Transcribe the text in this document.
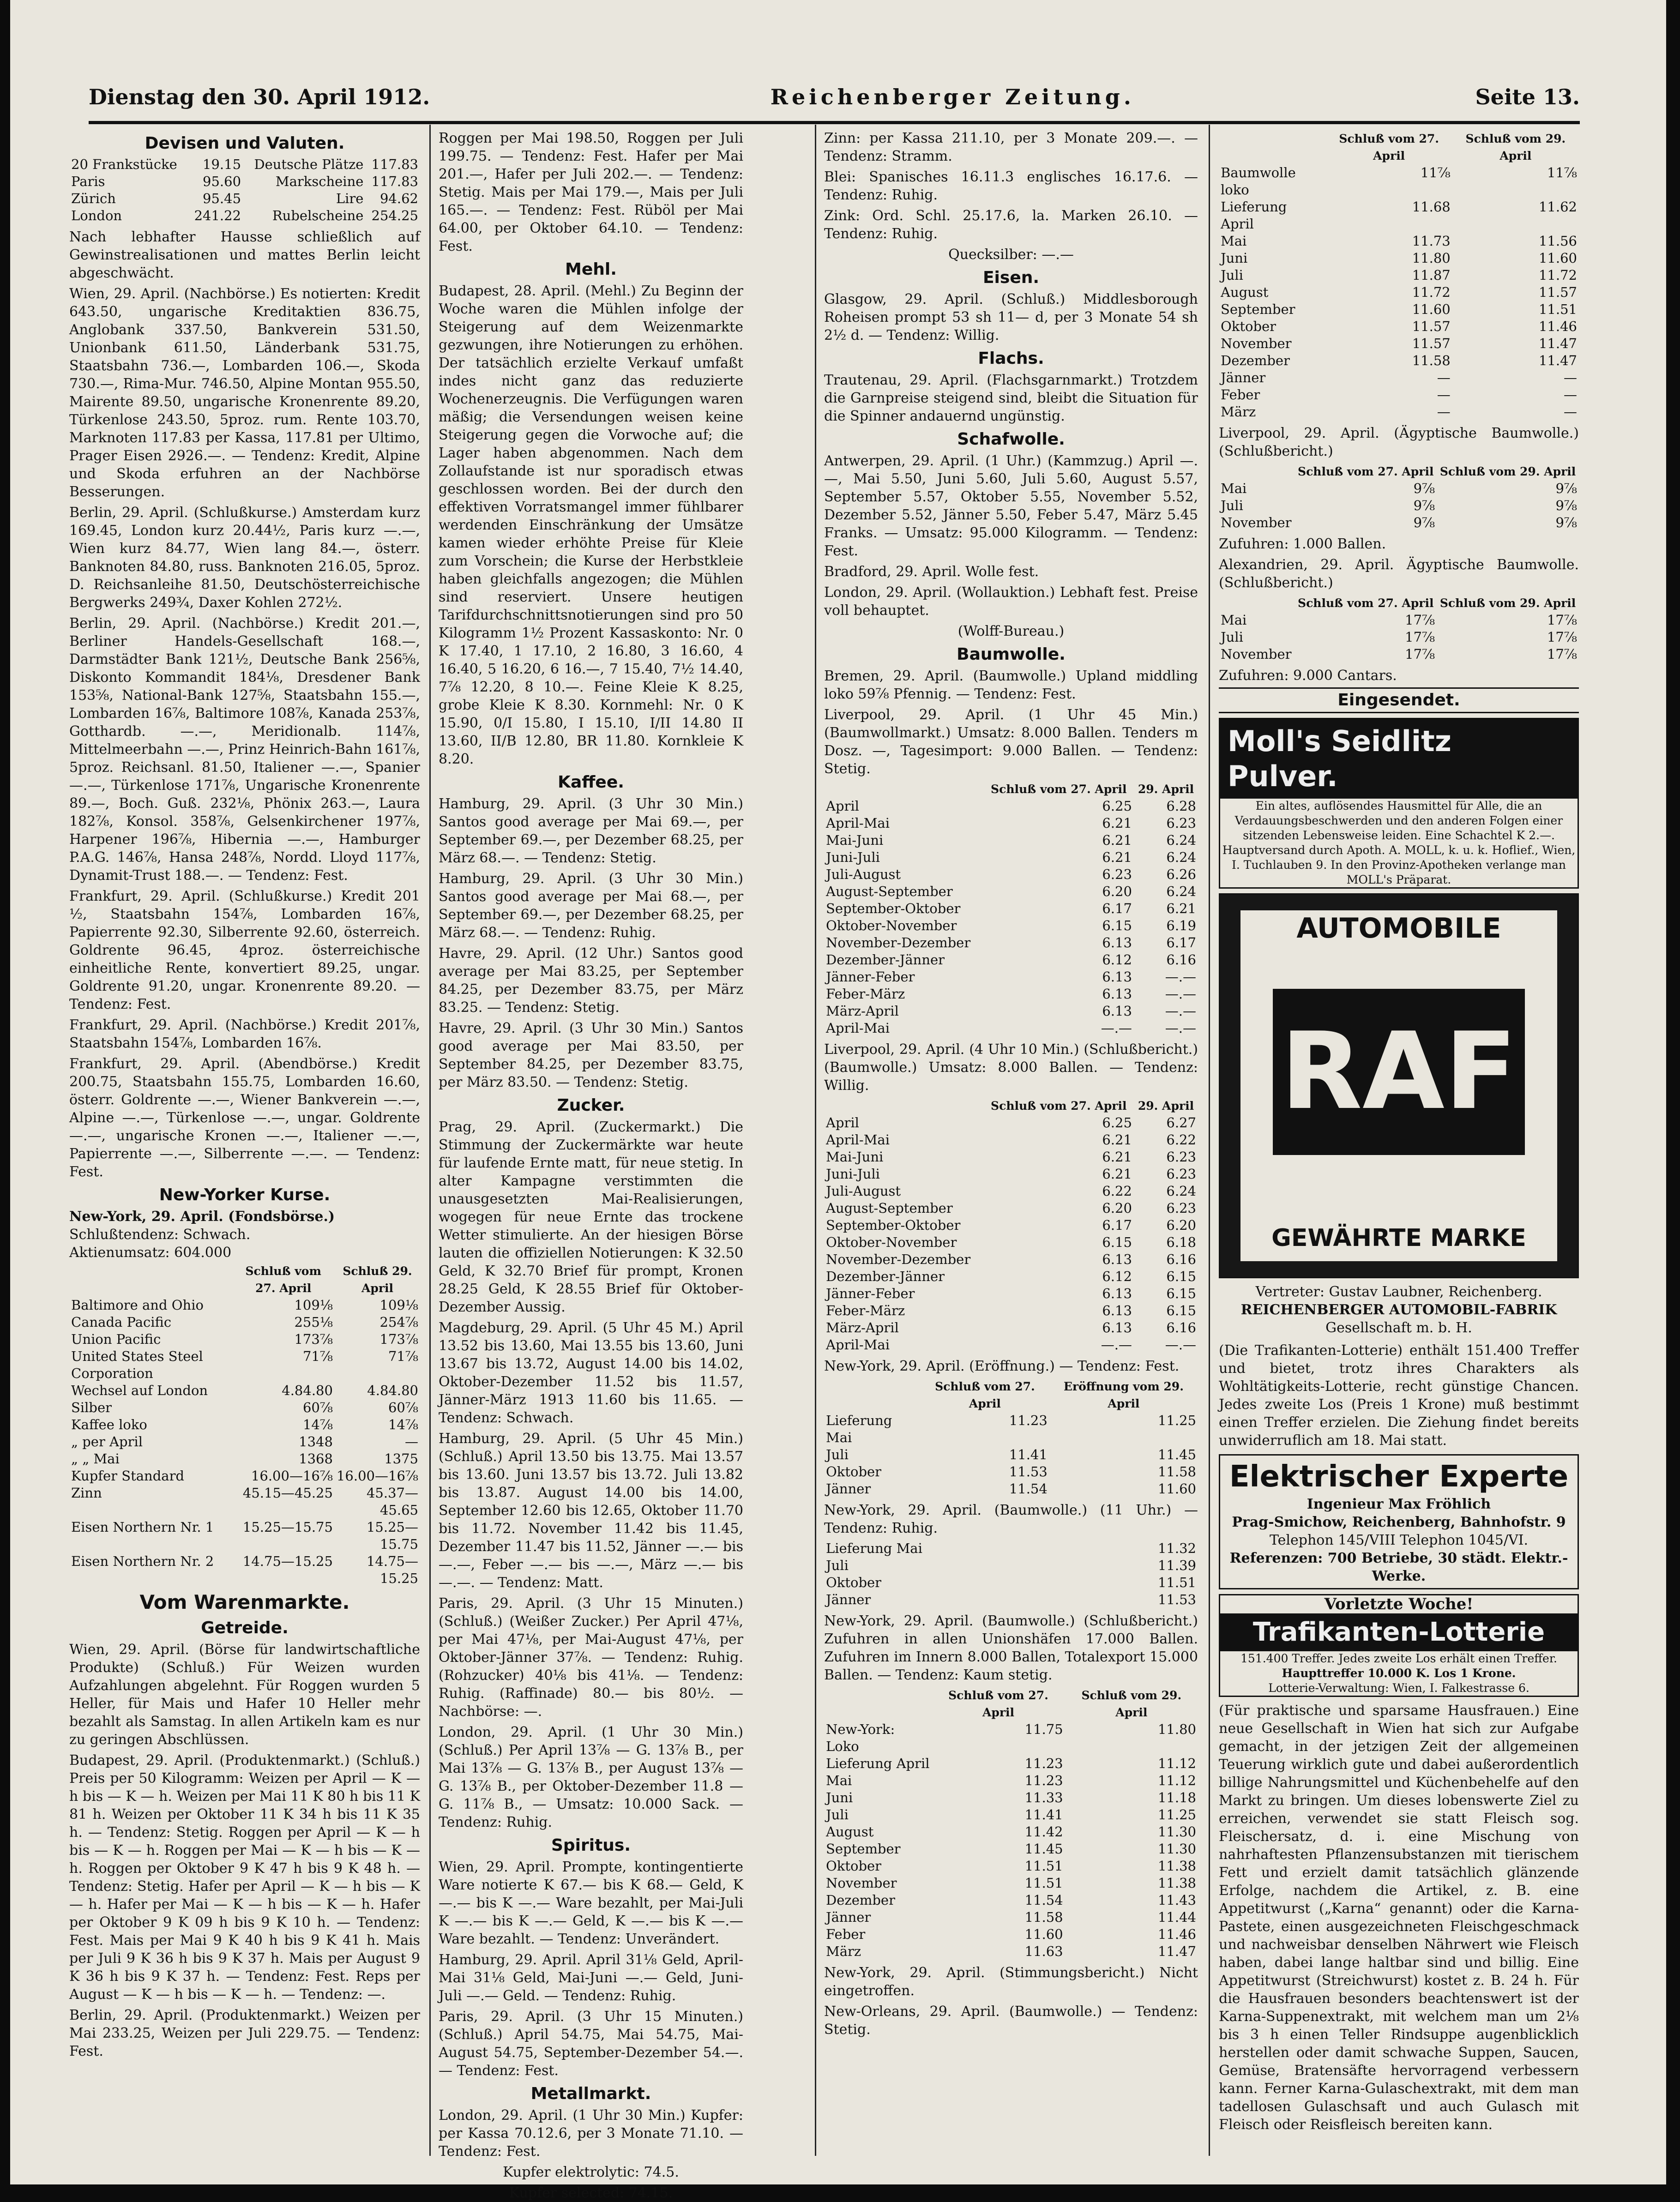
Dienstag den 30. April 1912.	Reichenberger Zeitung.	Seite 13.
Devisen und Valuten.
20 Frankstücke	19.15	Deutsche Plätze	117.83
Paris	95.60	Markscheine	117.83
Zürich	95.45	Lire	94.62
London	241.22	Rubelscheine	254.25

Nach lebhafter Hausse schließlich auf Gewinstrealisationen und mattes Berlin leicht abgeschwächt.

Wien, 29. April. (Nachbörse.) Es notierten: Kredit 643.50, ungarische Kreditaktien 836.75, Anglobank 337.50, Bankverein 531.50, Unionbank 611.50, Länderbank 531.75, Staatsbahn 736.—, Lombarden 106.—, Skoda 730.—, Rima-Mur. 746.50, Alpine Montan 955.50, Mairente 89.50, ungarische Kronenrente 89.20, Türkenlose 243.50, 5proz. rum. Rente 103.70, Marknoten 117.83 per Kassa, 117.81 per Ultimo, Prager Eisen 2926.—. — Tendenz: Kredit, Alpine und Skoda erfuhren an der Nachbörse Besserungen.

Berlin, 29. April. (Schlußkurse.) Amsterdam kurz 169.45, London kurz 20.44½, Paris kurz —.—, Wien kurz 84.77, Wien lang 84.—, österr. Banknoten 84.80, russ. Banknoten 216.05, 5proz. D. Reichsanleihe 81.50, Deutschösterreichische Bergwerks 249¾, Daxer Kohlen 272½.

Berlin, 29. April. (Nachbörse.) Kredit 201.—, Berliner Handels-Gesellschaft 168.—, Darmstädter Bank 121½, Deutsche Bank 256⅝, Diskonto Kommandit 184⅛, Dresdener Bank 153⅝, National-Bank 127⅝, Staatsbahn 155.—, Lombarden 16⅞, Baltimore 108⅞, Kanada 253⅞, Gotthardb. —.—, Meridionalb. 114⅞, Mittelmeerbahn —.—, Prinz Heinrich-Bahn 161⅞, 5proz. Reichsanl. 81.50, Italiener —.—, Spanier —.—, Türkenlose 171⅞, Ungarische Kronenrente 89.—, Boch. Guß. 232⅛, Phönix 263.—, Laura 182⅞, Konsol. 358⅞, Gelsenkirchener 197⅞, Harpener 196⅞, Hibernia —.—, Hamburger P.A.G. 146⅞, Hansa 248⅞, Nordd. Lloyd 117⅞, Dynamit-Trust 188.—. — Tendenz: Fest.

Frankfurt, 29. April. (Schlußkurse.) Kredit 201 ½, Staatsbahn 154⅞, Lombarden 16⅞, Papierrente 92.30, Silberrente 92.60, österreich. Goldrente 96.45, 4proz. österreichische einheitliche Rente, konvertiert 89.25, ungar. Goldrente 91.20, ungar. Kronenrente 89.20. — Tendenz: Fest.

Frankfurt, 29. April. (Nachbörse.) Kredit 201⅞, Staatsbahn 154⅞, Lombarden 16⅞.

Frankfurt, 29. April. (Abendbörse.) Kredit 200.75, Staatsbahn 155.75, Lombarden 16.60, österr. Goldrente —.—, Wiener Bankverein —.—, Alpine —.—, Türkenlose —.—, ungar. Goldrente —.—, ungarische Kronen —.—, Italiener —.—, Papierrente —.—, Silberrente —.—. — Tendenz: Fest.

New-Yorker Kurse.
New-York, 29. April. (Fondsbörse.)
Schlußtendenz: Schwach.
Aktienumsatz: 604.000
	Schluß vom 27. April	Schluß 29. April
Baltimore and Ohio	109⅛	109⅛
Canada Pacific	255⅛	254⅞
Union Pacific	173⅞	173⅞
United States Steel Corporation	71⅞	71⅞
Wechsel auf London	4.84.80	4.84.80
Silber	60⅞	60⅞
Kaffee loko	14⅞	14⅞
„ per April	1348	—
„ „ Mai	1368	1375
Kupfer Standard	16.00—16⅞	16.00—16⅞
Zinn	45.15—45.25	45.37—45.65
Eisen Northern Nr. 1	15.25—15.75	15.25—15.75
Eisen Northern Nr. 2	14.75—15.25	14.75—15.25
Vom Warenmarkte.
Getreide.

Wien, 29. April. (Börse für landwirtschaftliche Produkte) (Schluß.) Für Weizen wurden Aufzahlungen abgelehnt. Für Roggen wurden 5 Heller, für Mais und Hafer 10 Heller mehr bezahlt als Samstag. In allen Artikeln kam es nur zu geringen Abschlüssen.

Budapest, 29. April. (Produktenmarkt.) (Schluß.) Preis per 50 Kilogramm: Weizen per April — K — h bis — K — h. Weizen per Mai 11 K 80 h bis 11 K 81 h. Weizen per Oktober 11 K 34 h bis 11 K 35 h. — Tendenz: Stetig. Roggen per April — K — h bis — K — h. Roggen per Mai — K — h bis — K — h. Roggen per Oktober 9 K 47 h bis 9 K 48 h. — Tendenz: Stetig. Hafer per April — K — h bis — K — h. Hafer per Mai — K — h bis — K — h. Hafer per Oktober 9 K 09 h bis 9 K 10 h. — Tendenz: Fest. Mais per Mai 9 K 40 h bis 9 K 41 h. Mais per Juli 9 K 36 h bis 9 K 37 h. Mais per August 9 K 36 h bis 9 K 37 h. — Tendenz: Fest. Reps per August — K — h bis — K — h. — Tendenz: —.

Berlin, 29. April. (Produktenmarkt.) Weizen per Mai 233.25, Weizen per Juli 229.75. — Tendenz: Fest.

Roggen per Mai 198.50, Roggen per Juli 199.75. — Tendenz: Fest. Hafer per Mai 201.—, Hafer per Juli 202.—. — Tendenz: Stetig. Mais per Mai 179.—, Mais per Juli 165.—. — Tendenz: Fest. Rüböl per Mai 64.00, per Oktober 64.10. — Tendenz: Fest.

Mehl.

Budapest, 28. April. (Mehl.) Zu Beginn der Woche waren die Mühlen infolge der Steigerung auf dem Weizenmarkte gezwungen, ihre Notierungen zu erhöhen. Der tatsächlich erzielte Verkauf umfaßt indes nicht ganz das reduzierte Wochenerzeugnis. Die Verfügungen waren mäßig; die Versendungen weisen keine Steigerung gegen die Vorwoche auf; die Lager haben abgenommen. Nach dem Zollaufstande ist nur sporadisch etwas geschlossen worden. Bei der durch den effektiven Vorratsmangel immer fühlbarer werdenden Einschränkung der Umsätze kamen wieder erhöhte Preise für Kleie zum Vorschein; die Kurse der Herbstkleie haben gleichfalls angezogen; die Mühlen sind reserviert. Unsere heutigen Tarifdurchschnittsnotierungen sind pro 50 Kilogramm 1½ Prozent Kassaskonto: Nr. 0 K 17.40, 1 17.10, 2 16.80, 3 16.60, 4 16.40, 5 16.20, 6 16.—, 7 15.40, 7½ 14.40, 7⅞ 12.20, 8 10.—. Feine Kleie K 8.25, grobe Kleie K 8.30. Kornmehl: Nr. 0 K 15.90, 0/I 15.80, I 15.10, I/II 14.80 II 13.60, II/B 12.80, BR 11.80. Kornkleie K 8.20.

Kaffee.

Hamburg, 29. April. (3 Uhr 30 Min.) Santos good average per Mai 69.—, per September 69.—, per Dezember 68.25, per März 68.—. — Tendenz: Stetig.

Hamburg, 29. April. (3 Uhr 30 Min.) Santos good average per Mai 68.—, per September 69.—, per Dezember 68.25, per März 68.—. — Tendenz: Ruhig.

Havre, 29. April. (12 Uhr.) Santos good average per Mai 83.25, per September 84.25, per Dezember 83.75, per März 83.25. — Tendenz: Stetig.

Havre, 29. April. (3 Uhr 30 Min.) Santos good average per Mai 83.50, per September 84.25, per Dezember 83.75, per März 83.50. — Tendenz: Stetig.

Zucker.

Prag, 29. April. (Zuckermarkt.) Die Stimmung der Zuckermärkte war heute für laufende Ernte matt, für neue stetig. In alter Kampagne verstimmten die unausgesetzten Mai-Realisierungen, wogegen für neue Ernte das trockene Wetter stimulierte. An der hiesigen Börse lauten die offiziellen Notierungen: K 32.50 Geld, K 32.70 Brief für prompt, Kronen 28.25 Geld, K 28.55 Brief für Oktober-Dezember Aussig.

Magdeburg, 29. April. (5 Uhr 45 M.) April 13.52 bis 13.60, Mai 13.55 bis 13.60, Juni 13.67 bis 13.72, August 14.00 bis 14.02, Oktober-Dezember 11.52 bis 11.57, Jänner-März 1913 11.60 bis 11.65. — Tendenz: Schwach.

Hamburg, 29. April. (5 Uhr 45 Min.) (Schluß.) April 13.50 bis 13.75. Mai 13.57 bis 13.60. Juni 13.57 bis 13.72. Juli 13.82 bis 13.87. August 14.00 bis 14.00, September 12.60 bis 12.65, Oktober 11.70 bis 11.72. November 11.42 bis 11.45, Dezember 11.47 bis 11.52, Jänner —.— bis —.—, Feber —.— bis —.—, März —.— bis —.—. — Tendenz: Matt.

Paris, 29. April. (3 Uhr 15 Minuten.) (Schluß.) (Weißer Zucker.) Per April 47⅛, per Mai 47⅛, per Mai-August 47⅛, per Oktober-Jänner 37⅞. — Tendenz: Ruhig. (Rohzucker) 40⅛ bis 41⅛. — Tendenz: Ruhig. (Raffinade) 80.— bis 80½. — Nachbörse: —.

London, 29. April. (1 Uhr 30 Min.) (Schluß.) Per April 13⅞ — G. 13⅞ B., per Mai 13⅞ — G. 13⅞ B., per August 13⅞ — G. 13⅞ B., per Oktober-Dezember 11.8 — G. 11⅞ B., — Umsatz: 10.000 Sack. — Tendenz: Ruhig.

Spiritus.

Wien, 29. April. Prompte, kontingentierte Ware notierte K 67.— bis K 68.— Geld, K —.— bis K —.— Ware bezahlt, per Mai-Juli K —.— bis K —.— Geld, K —.— bis K —.— Ware bezahlt. — Tendenz: Unverändert.

Hamburg, 29. April. April 31⅛ Geld, April-Mai 31⅛ Geld, Mai-Juni —.— Geld, Juni-Juli —.— Geld. — Tendenz: Ruhig.

Paris, 29. April. (3 Uhr 15 Minuten.) (Schluß.) April 54.75, Mai 54.75, Mai-August 54.75, September-Dezember 54.—. — Tendenz: Fest.

Metallmarkt.

London, 29. April. (1 Uhr 30 Min.) Kupfer: per Kassa 70.12.6, per 3 Monate 71.10. — Tendenz: Fest.

Kupfer elektrolytic: 74.5.

Kupfer selected: 74.15.

Zinn: per Kassa 211.10, per 3 Monate 209.—. — Tendenz: Stramm.

Blei: Spanisches 16.11.3 englisches 16.17.6. — Tendenz: Ruhig.

Zink: Ord. Schl. 25.17.6, la. Marken 26.10. — Tendenz: Ruhig.

Quecksilber: —.—

Eisen.

Glasgow, 29. April. (Schluß.) Middlesborough Roheisen prompt 53 sh 11— d, per 3 Monate 54 sh 2½ d. — Tendenz: Willig.

Flachs.

Trautenau, 29. April. (Flachsgarnmarkt.) Trotzdem die Garnpreise steigend sind, bleibt die Situation für die Spinner andauernd ungünstig.

Schafwolle.

Antwerpen, 29. April. (1 Uhr.) (Kammzug.) April —.—, Mai 5.50, Juni 5.60, Juli 5.60, August 5.57, September 5.57, Oktober 5.55, November 5.52, Dezember 5.52, Jänner 5.50, Feber 5.47, März 5.45 Franks. — Umsatz: 95.000 Kilogramm. — Tendenz: Fest.

Bradford, 29. April. Wolle fest.

London, 29. April. (Wollauktion.) Lebhaft fest. Preise voll behauptet.

(Wolff-Bureau.)

Baumwolle.

Bremen, 29. April. (Baumwolle.) Upland middling loko 59⅞ Pfennig. — Tendenz: Fest.

Liverpool, 29. April. (1 Uhr 45 Min.) (Baumwollmarkt.) Umsatz: 8.000 Ballen. Tenders m Dosz. —, Tagesimport: 9.000 Ballen. — Tendenz: Stetig.

	Schluß vom 27. April	29. April
April	6.25	6.28
April-Mai	6.21	6.23
Mai-Juni	6.21	6.24
Juni-Juli	6.21	6.24
Juli-August	6.23	6.26
August-September	6.20	6.24
September-Oktober	6.17	6.21
Oktober-November	6.15	6.19
November-Dezember	6.13	6.17
Dezember-Jänner	6.12	6.16
Jänner-Feber	6.13	—.—
Feber-März	6.13	—.—
März-April	6.13	—.—
April-Mai	—.—	—.—

Liverpool, 29. April. (4 Uhr 10 Min.) (Schlußbericht.) (Baumwolle.) Umsatz: 8.000 Ballen. — Tendenz: Willig.

	Schluß vom 27. April	29. April
April	6.25	6.27
April-Mai	6.21	6.22
Mai-Juni	6.21	6.23
Juni-Juli	6.21	6.23
Juli-August	6.22	6.24
August-September	6.20	6.23
September-Oktober	6.17	6.20
Oktober-November	6.15	6.18
November-Dezember	6.13	6.16
Dezember-Jänner	6.12	6.15
Jänner-Feber	6.13	6.15
Feber-März	6.13	6.15
März-April	6.13	6.16
April-Mai	—.—	—.—

New-York, 29. April. (Eröffnung.) — Tendenz: Fest.

	Schluß vom 27. April	Eröffnung vom 29. April
Lieferung Mai	11.23	11.25
Juli	11.41	11.45
Oktober	11.53	11.58
Jänner	11.54	11.60

New-York, 29. April. (Baumwolle.) (11 Uhr.) — Tendenz: Ruhig.

Lieferung Mai	11.32
Juli	11.39
Oktober	11.51
Jänner	11.53

New-York, 29. April. (Baumwolle.) (Schlußbericht.) Zufuhren in allen Unionshäfen 17.000 Ballen. Zufuhren im Innern 8.000 Ballen, Totalexport 15.000 Ballen. — Tendenz: Kaum stetig.

	Schluß vom 27. April	Schluß vom 29. April
New-York: Loko	11.75	11.80
Lieferung April	11.23	11.12
Mai	11.23	11.12
Juni	11.33	11.18
Juli	11.41	11.25
August	11.42	11.30
September	11.45	11.30
Oktober	11.51	11.38
November	11.51	11.38
Dezember	11.54	11.43
Jänner	11.58	11.44
Feber	11.60	11.46
März	11.63	11.47

New-York, 29. April. (Stimmungsbericht.) Nicht eingetroffen.

New-Orleans, 29. April. (Baumwolle.) — Tendenz: Stetig.

	Schluß vom 27. April	Schluß vom 29. April
Baumwolle loko	11⅞	11⅞
Lieferung April	11.68	11.62
Mai	11.73	11.56
Juni	11.80	11.60
Juli	11.87	11.72
August	11.72	11.57
September	11.60	11.51
Oktober	11.57	11.46
November	11.57	11.47
Dezember	11.58	11.47
Jänner	—	—
Feber	—	—
März	—	—

Liverpool, 29. April. (Ägyptische Baumwolle.) (Schlußbericht.)

	Schluß vom 27. April	Schluß vom 29. April
Mai	9⅞	9⅞
Juli	9⅞	9⅞
November	9⅞	9⅞

Zufuhren: 1.000 Ballen.

Alexandrien, 29. April. Ägyptische Baumwolle. (Schlußbericht.)

	Schluß vom 27. April	Schluß vom 29. April
Mai	17⅞	17⅞
Juli	17⅞	17⅞
November	17⅞	17⅞

Zufuhren: 9.000 Cantars.

Eingesendet.
Moll's Seidlitz Pulver.
Ein altes, auflösendes Hausmittel für Alle, die an Verdauungsbeschwerden und den anderen Folgen einer sitzenden Lebensweise leiden. Eine Schachtel K 2.—. Hauptversand durch Apoth. A. MOLL, k. u. k. Hoflief., Wien, I. Tuchlauben 9. In den Provinz-Apotheken verlange man MOLL's Präparat.
AUTOMOBILE
RAF
GEWÄHRTE MARKE
Vertreter: Gustav Laubner, Reichenberg.
REICHENBERGER AUTOMOBIL-FABRIK
Gesellschaft m. b. H.

(Die Trafikanten-Lotterie) enthält 151.400 Treffer und bietet, trotz ihres Charakters als Wohltätigkeits-Lotterie, recht günstige Chancen. Jedes zweite Los (Preis 1 Krone) muß bestimmt einen Treffer erzielen. Die Ziehung findet bereits unwiderruflich am 18. Mai statt.

Elektrischer Experte
Ingenieur Max Fröhlich
Prag-Smichow, Reichenberg, Bahnhofstr. 9
Telephon 145/VIII Telephon 1045/VI.
Referenzen: 700 Betriebe, 30 städt. Elektr.-Werke.
Vorletzte Woche!
Trafikanten-Lotterie
151.400 Treffer. Jedes zweite Los erhält einen Treffer.
Haupttreffer 10.000 K. Los 1 Krone.
Lotterie-Verwaltung: Wien, I. Falkestrasse 6.

(Für praktische und sparsame Hausfrauen.) Eine neue Gesellschaft in Wien hat sich zur Aufgabe gemacht, in der jetzigen Zeit der allgemeinen Teuerung wirklich gute und dabei außerordentlich billige Nahrungsmittel und Küchenbehelfe auf den Markt zu bringen. Um dieses lobenswerte Ziel zu erreichen, verwendet sie statt Fleisch sog. Fleischersatz, d. i. eine Mischung von nahrhaftesten Pflanzensubstanzen mit tierischem Fett und erzielt damit tatsächlich glänzende Erfolge, nachdem die Artikel, z. B. eine Appetitwurst („Karna“ genannt) oder die Karna-Pastete, einen ausgezeichneten Fleischgeschmack und nachweisbar denselben Nährwert wie Fleisch haben, dabei lange haltbar sind und billig. Eine Appetitwurst (Streichwurst) kostet z. B. 24 h. Für die Hausfrauen besonders beachtenswert ist der Karna-Suppenextrakt, mit welchem man um 2⅛ bis 3 h einen Teller Rindsuppe augenblicklich herstellen oder damit schwache Suppen, Saucen, Gemüse, Bratensäfte hervorragend verbessern kann. Ferner Karna-Gulaschextrakt, mit dem man tadellosen Gulaschsaft und auch Gulasch mit Fleisch oder Reisfleisch bereiten kann.
